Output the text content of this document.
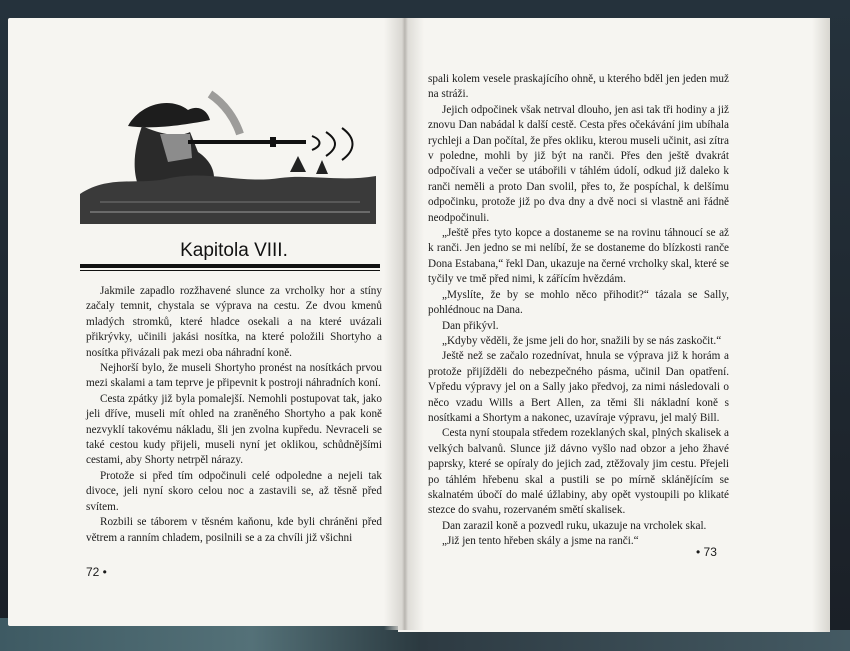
Kapitola VIII.

Jakmile zapadlo rozžhavené slunce za vrcholky hor a stíny začaly temnit, chystala se výprava na cestu. Ze dvou kmenů mladých stromků, které hladce osekali a na které uvázali přikrývky, učinili jakási nosítka, na které položili Shortyho a nosítka přivázali pak mezi oba náhradní koně.

Nejhorší bylo, že museli Shortyho pronést na nosítkách prvou mezi skalami a tam teprve je připevnit k postroji náhradních koní.

Cesta zpátky již byla pomalejší. Nemohli postupovat tak, jako jeli dříve, museli mít ohled na zraněného Shortyho a pak koně nezvyklí takovému nákladu, šli jen zvolna kupředu. Nevraceli se také cestou kudy přijeli, museli nyní jet oklikou, schůdnějšími cestami, aby Shorty netrpěl nárazy.

Protože si před tím odpočinuli celé odpoledne a nejeli tak divoce, jeli nyní skoro celou noc a zastavili se, až těsně před svítem.

Rozbili se táborem v těsném kaňonu, kde byli chráněni před větrem a ranním chladem, posilnili se a za chvíli již všichni

72 •

spali kolem vesele praskajícího ohně, u kterého bděl jen jeden muž na stráži.

Jejich odpočinek však netrval dlouho, jen asi tak tři hodiny a již znovu Dan nabádal k další cestě. Cesta přes očekávání jim ubíhala rychleji a Dan počítal, že přes okliku, kterou museli učinit, asi zítra v poledne, mohli by již být na ranči. Přes den ještě dvakrát odpočívali a večer se utábořili v táhlém údolí, odkud již daleko k ranči neměli a proto Dan svolil, přes to, že pospíchal, k delšímu odpočinku, protože již po dva dny a dvě noci si vlastně ani řádně neodpočinuli.

„Ještě přes tyto kopce a dostaneme se na rovinu táhnoucí se až k ranči. Jen jedno se mi nelíbí, že se dostaneme do blízkosti ranče Dona Estabana,“ řekl Dan, ukazuje na černé vrcholky skal, které se tyčily ve tmě před nimi, k zářícím hvězdám.

„Myslíte, že by se mohlo něco přihodit?“ tázala se Sally, pohlédnouc na Dana.

Dan přikývl.

„Kdyby věděli, že jsme jeli do hor, snažili by se nás zaskočit.“

Ještě než se začalo rozednívat, hnula se výprava již k horám a protože přijížděli do nebezpečného pásma, učinil Dan opatření. Vpředu výpravy jel on a Sally jako předvoj, za nimi následovali o něco vzadu Wills a Bert Allen, za těmi šli nákladní koně s nosítkami a Shortym a nakonec, uzavíraje výpravu, jel malý Bill.

Cesta nyní stoupala středem rozeklaných skal, plných skalisek a velkých balvanů. Slunce již dávno vyšlo nad obzor a jeho žhavé paprsky, které se opíraly do jejich zad, ztěžovaly jim cestu. Přejeli po táhlém hřebenu skal a pustili se po mírně sklánějícím se skalnatém úbočí do malé úžlabiny, aby opět vystoupili po klikaté stezce do svahu, rozervaném smětí skalisek.

Dan zarazil koně a pozvedl ruku, ukazuje na vrcholek skal.

„Již jen tento hřeben skály a jsme na ranči.“

• 73
